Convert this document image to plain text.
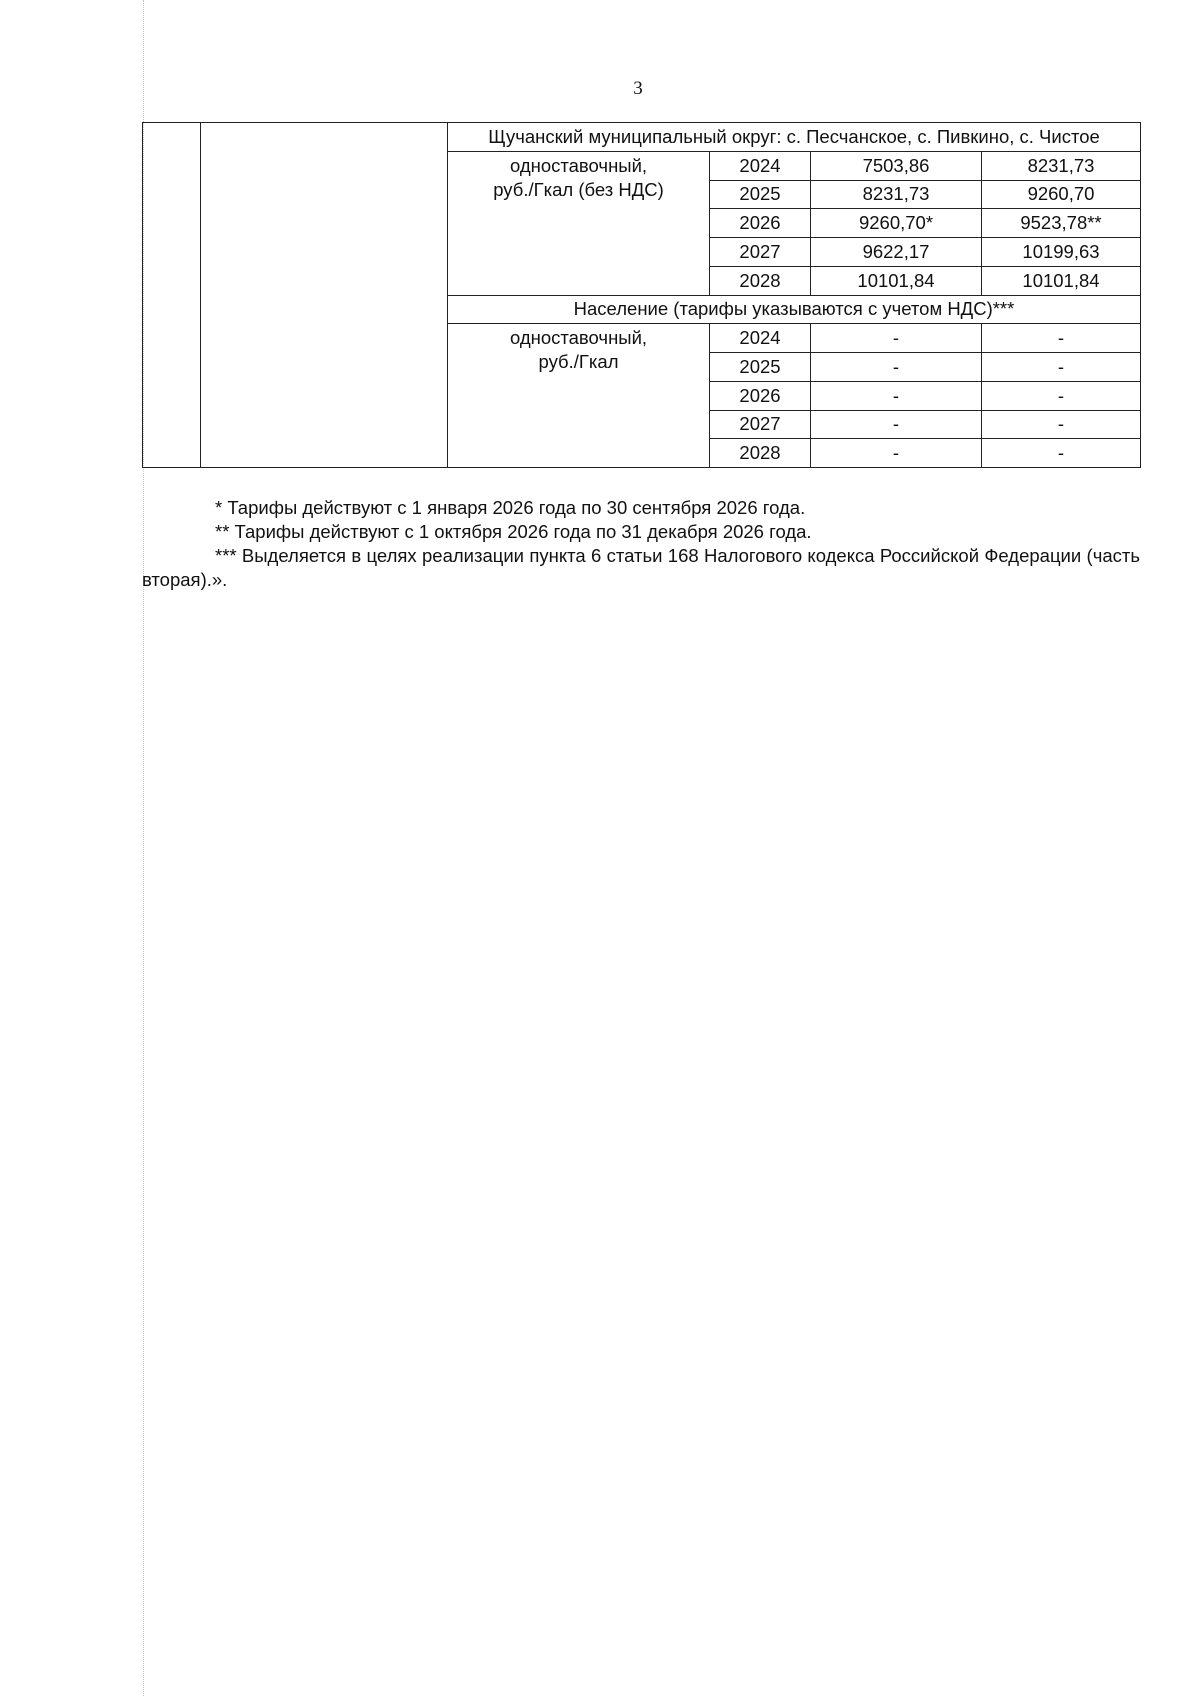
3
		Щучанский муниципальный округ: с. Песчанское, с. Пивкино, с. Чистое			

		одноставочный,
руб./Гкал (без НДС)	2024	7503,86	8231,73
			2025	8231,73	9260,70
			2026	9260,70*	9523,78**
			2027	9622,17	10199,63
			2028	10101,84	10101,84
		Население (тарифы указываются с учетом НДС)***			

		одноставочный,
руб./Гкал	2024	-	-
			2025	-	-
			2026	-	-
			2027	-	-
			2028	-	-

* Тарифы действуют с 1 января 2026 года по 30 сентября 2026 года.

** Тарифы действуют с 1 октября 2026 года по 31 декабря 2026 года.

*** Выделяется в целях реализации пункта 6 статьи 168 Налогового кодекса Российской Федерации (часть вторая).».
